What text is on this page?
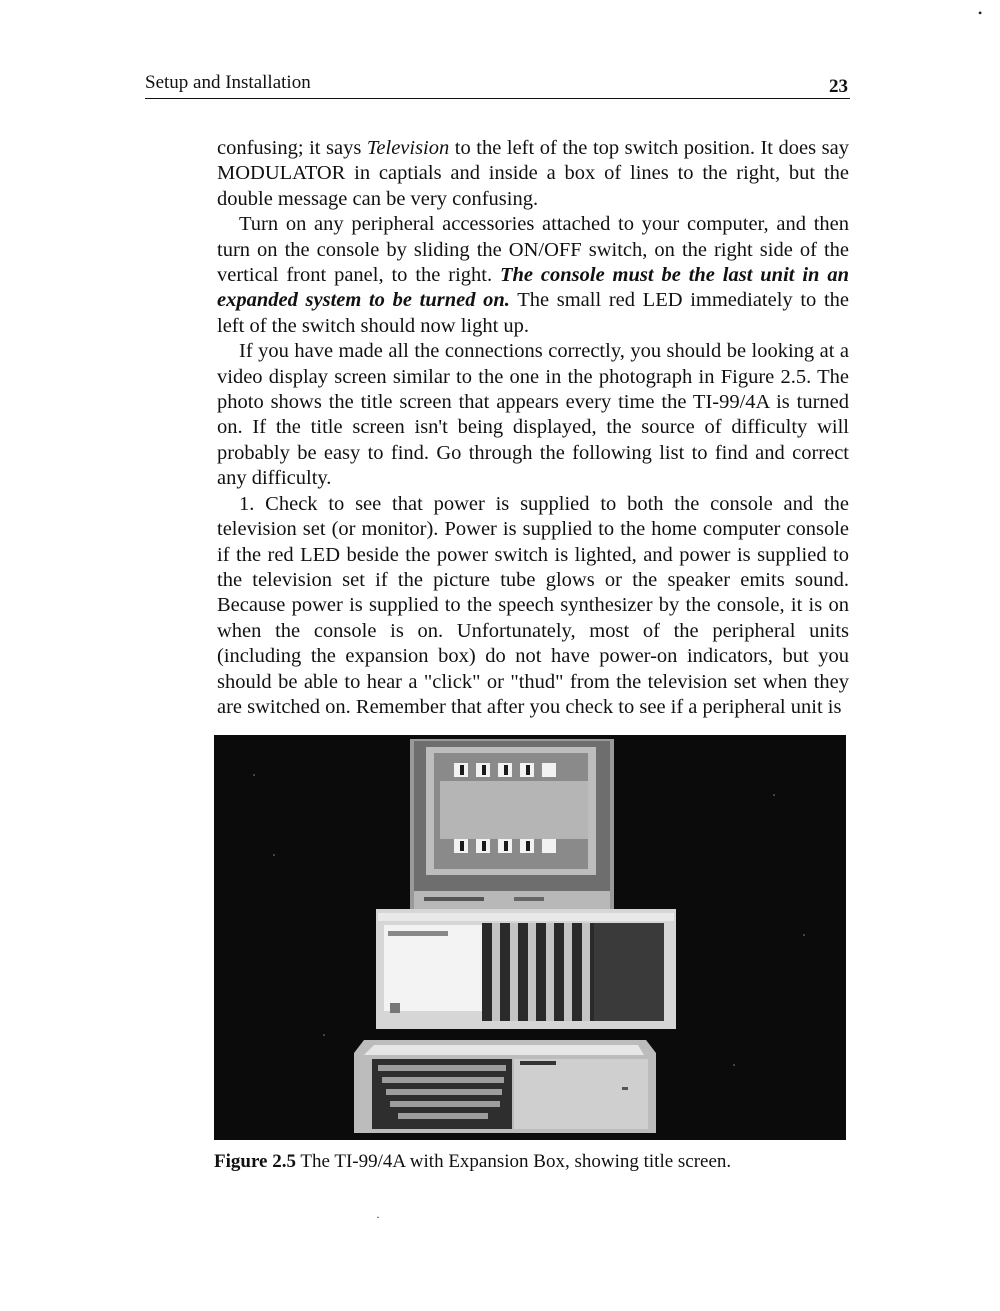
Setup and Installation	23
•

confusing; it says Television to the left of the top switch position. It does say MODULATOR in captials and inside a box of lines to the right, but the double message can be very confusing.

Turn on any peripheral accessories attached to your computer, and then turn on the console by sliding the ON/OFF switch, on the right side of the vertical front panel, to the right. The console must be the last unit in an expanded system to be turned on. The small red LED immediately to the left of the switch should now light up.

If you have made all the connections correctly, you should be looking at a video display screen similar to the one in the photograph in Figure 2.5. The photo shows the title screen that appears every time the TI-99/4A is turned on. If the title screen isn't being displayed, the source of difficulty will probably be easy to find. Go through the following list to find and correct any difficulty.

1. Check to see that power is supplied to both the console and the television set (or monitor). Power is supplied to the home computer console if the red LED beside the power switch is lighted, and power is supplied to the television set if the picture tube glows or the speaker emits sound. Because power is supplied to the speech synthesizer by the console, it is on when the console is on. Unfortunately, most of the peripheral units (including the expansion box) do not have power-on indicators, but you should be able to hear a "click" or "thud" from the television set when they are switched on. Remember that after you check to see if a peripheral unit is

Figure 2.5 The TI-99/4A with Expansion Box, showing title screen.
·
